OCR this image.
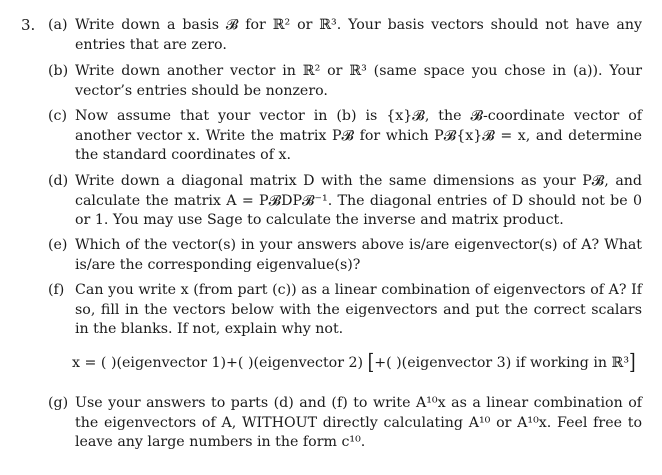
3. (a) Write down a basis 𝓑 for ℝ² or ℝ³. Your basis vectors should not have any entries that are zero.
(b) Write down another vector in ℝ² or ℝ³ (same space you chose in (a)). Your vector’s entries should be nonzero.
(c) Now assume that your vector in (b) is {x}𝓑, the 𝓑-coordinate vector of another vector x. Write the matrix P𝓑 for which P𝓑{x}𝓑 = x, and determine the standard coordinates of x.
(d) Write down a diagonal matrix D with the same dimensions as your P𝓑, and calculate the matrix A = P𝓑DP𝓑⁻¹. The diagonal entries of D should not be 0 or 1. You may use Sage to calculate the inverse and matrix product.
(e) Which of the vector(s) in your answers above is/are eigenvector(s) of A? What is/are the corresponding eigenvalue(s)?
(f) Can you write x (from part (c)) as a linear combination of eigenvectors of A? If so, fill in the vectors below with the eigenvectors and put the correct scalars in the blanks. If not, explain why not.
x = ( )(eigenvector 1)+( )(eigenvector 2) [+( )(eigenvector 3) if working in ℝ³]
(g) Use your answers to parts (d) and (f) to write A¹⁰x as a linear combination of the eigenvectors of A, WITHOUT directly calculating A¹⁰ or A¹⁰x. Feel free to leave any large numbers in the form c¹⁰.
